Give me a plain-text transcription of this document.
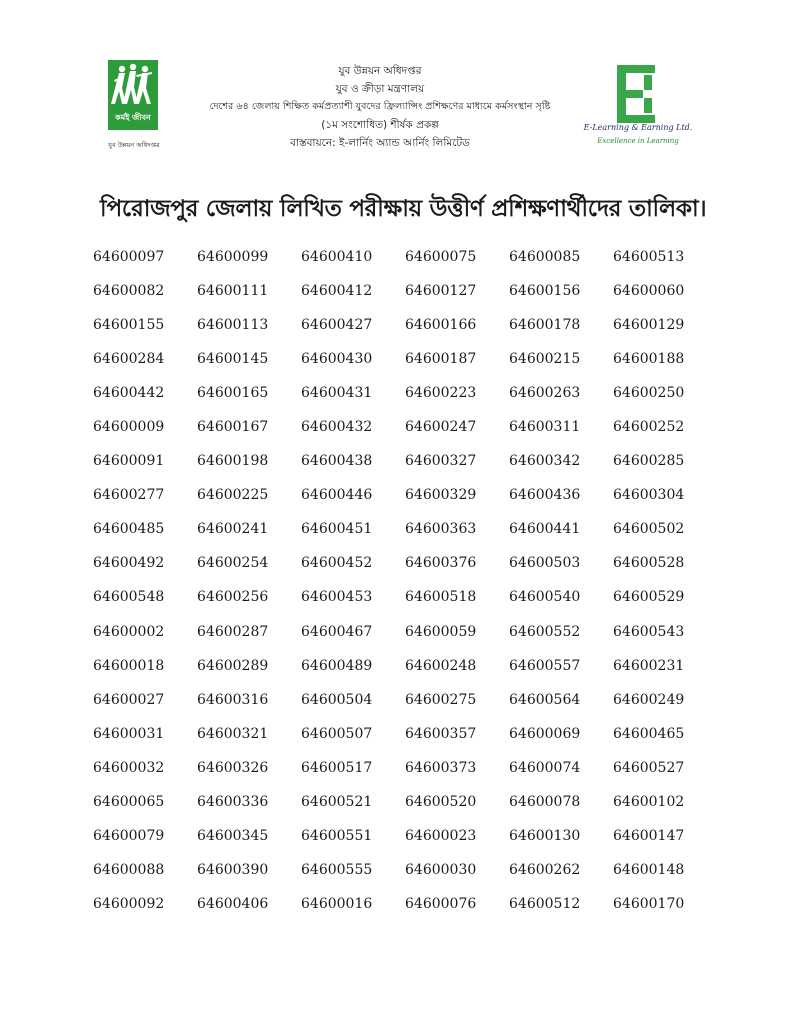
কর্মই জীবন
যুব উন্নয়ন অধিদপ্তর
যুব উন্নয়ন অধিদপ্তর
যুব ও ক্রীড়া মন্ত্রণালয়
দেশের ৬৪ জেলায় শিক্ষিত কর্মপ্রত্যাশী যুবদের ফ্রিল্যান্সিং প্রশিক্ষণের মাধ্যমে কর্মসংস্থান সৃষ্টি
(১ম সংশোধিত) শীর্ষক প্রকল্প
বাস্তবায়নে: ই-লার্নিং অ্যান্ড আর্নিং লিমিটেড
E-Learning & Earning Ltd.
Excellence in Learning
পিরোজপুর জেলায় লিখিত পরীক্ষায় উত্তীর্ণ প্রশিক্ষণার্থীদের তালিকা।
64600097	64600099	64600410	64600075	64600085	64600513
64600082	64600111	64600412	64600127	64600156	64600060
64600155	64600113	64600427	64600166	64600178	64600129
64600284	64600145	64600430	64600187	64600215	64600188
64600442	64600165	64600431	64600223	64600263	64600250
64600009	64600167	64600432	64600247	64600311	64600252
64600091	64600198	64600438	64600327	64600342	64600285
64600277	64600225	64600446	64600329	64600436	64600304
64600485	64600241	64600451	64600363	64600441	64600502
64600492	64600254	64600452	64600376	64600503	64600528
64600548	64600256	64600453	64600518	64600540	64600529
64600002	64600287	64600467	64600059	64600552	64600543
64600018	64600289	64600489	64600248	64600557	64600231
64600027	64600316	64600504	64600275	64600564	64600249
64600031	64600321	64600507	64600357	64600069	64600465
64600032	64600326	64600517	64600373	64600074	64600527
64600065	64600336	64600521	64600520	64600078	64600102
64600079	64600345	64600551	64600023	64600130	64600147
64600088	64600390	64600555	64600030	64600262	64600148
64600092	64600406	64600016	64600076	64600512	64600170
